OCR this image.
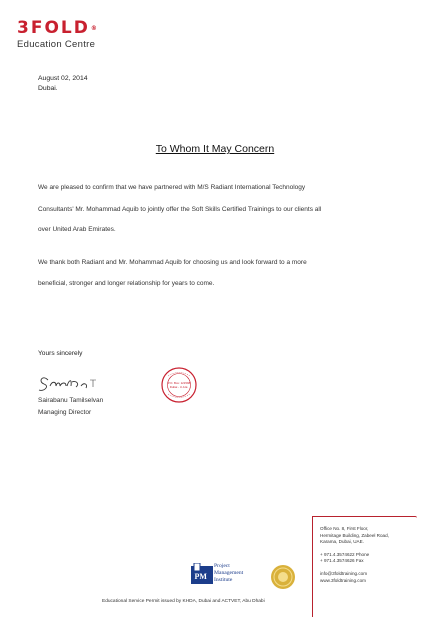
3FOLD®
Education Centre
August 02, 2014
Dubai.
To Whom It May Concern

We are pleased to confirm that we have partnered with M/S Radiant International Technology

Consultants' Mr. Mohammad Aquib to jointly offer the Soft Skills Certified Trainings to our clients all

over United Arab Emirates.

We thank both Radiant and Mr. Mohammad Aquib for choosing us and look forward to a more

beneficial, stronger and longer relationship for years to come.

Yours sincerely
Sairabanu Tamilselvan
Managing Director
P.O. Box: 121598
Dubai - U.A.E.
Office No. 8, First Floor,
Hermitage Building, Zabeel Road,
Karama, Dubai, UAE.
+ 971.4.3574622 Phone
+ 971.4.3574626 Fax
info@3foldtraining.com
www.3foldtraining.com
PM
Project
Management
Institute
Educational Service Permit issued by KHDA, Dubai and ACTVET, Abu Dhabi
